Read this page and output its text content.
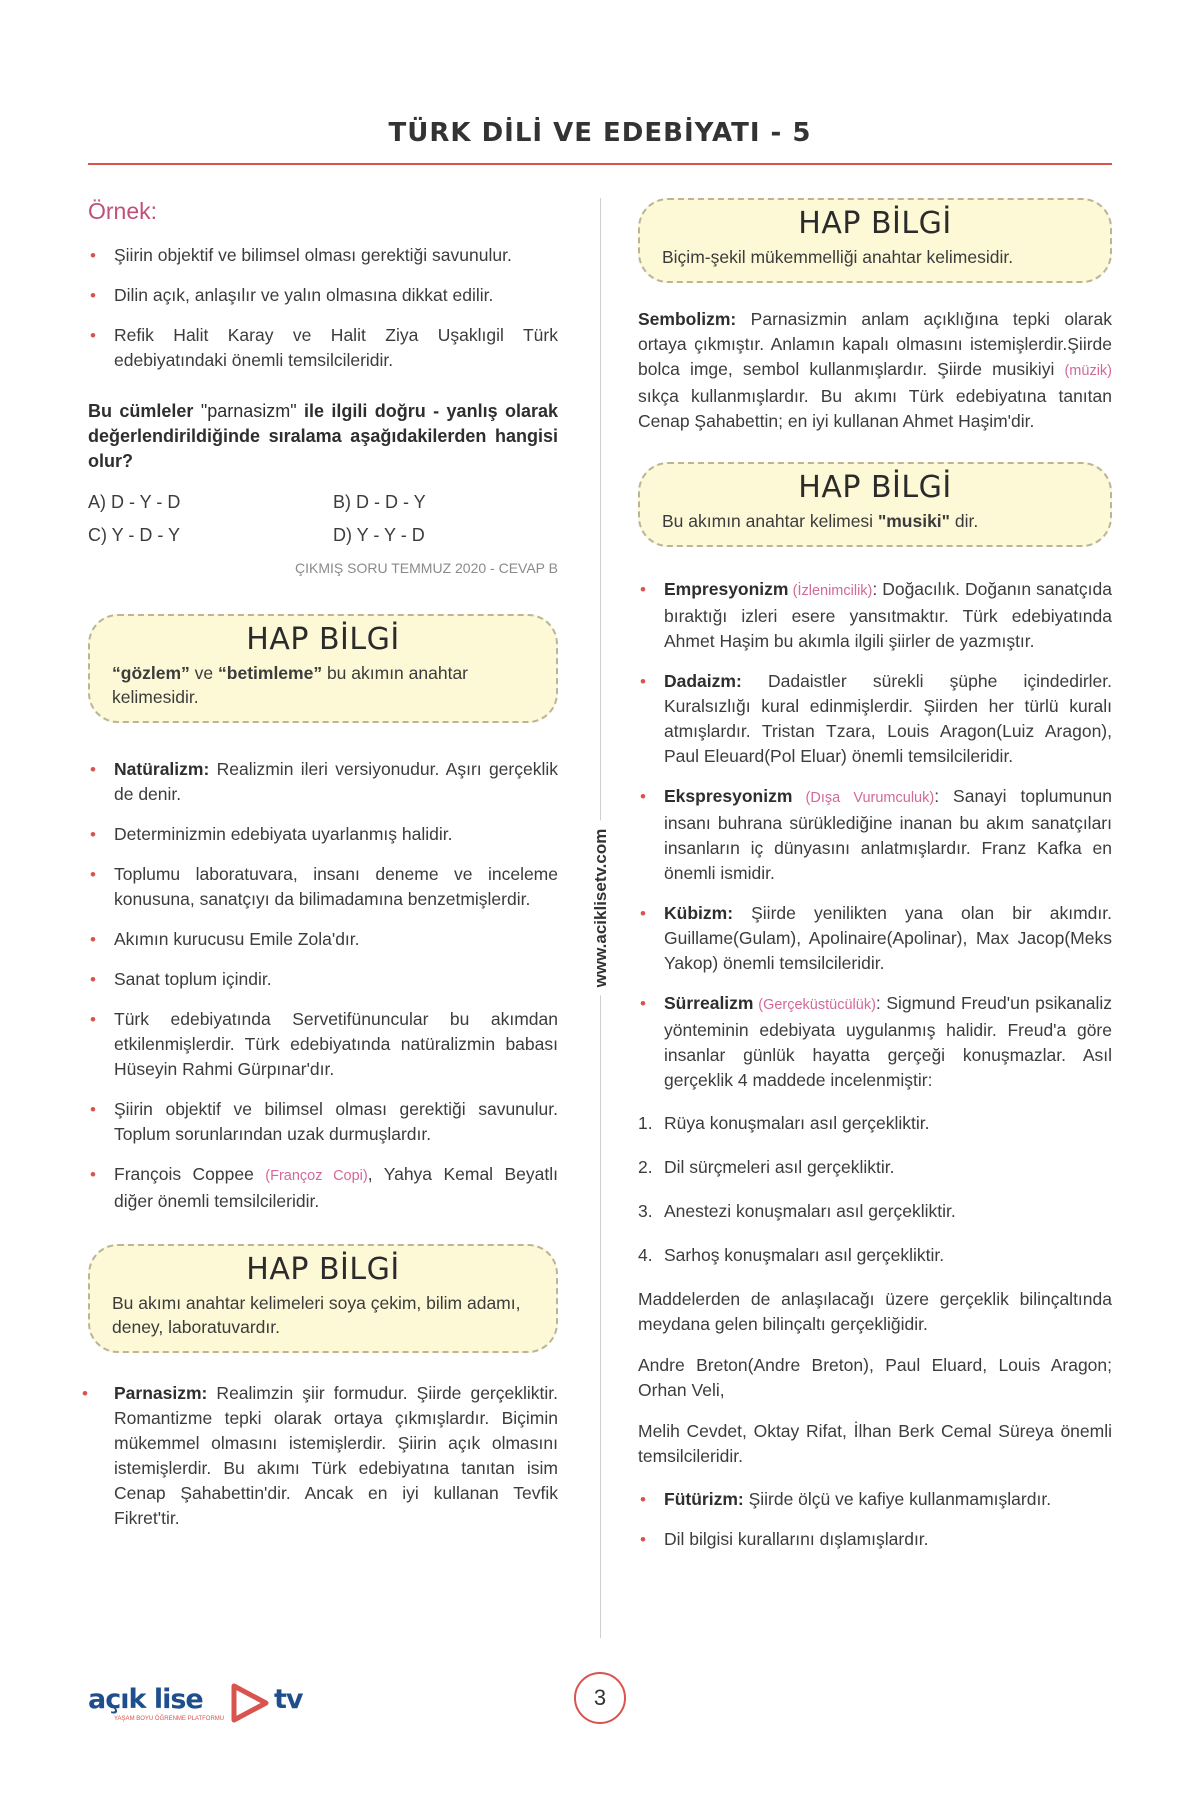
TÜRK DİLİ VE EDEBİYATI - 5
www.aciklisetv.com
Örnek:
• Şiirin objektif ve bilimsel olması gerektiği savunulur.
• Dilin açık, anlaşılır ve yalın olmasına dikkat edilir.
• Refik Halit Karay ve Halit Ziya Uşaklıgil Türk edebiyatındaki önemli temsilcileridir.
Bu cümleler "parnasizm" ile ilgili doğru - yanlış olarak değerlendirildiğinde sıralama aşağıdakilerden hangisi olur?
A) D - Y - D	B) D - D - Y
C) Y - D - Y	D) Y - Y - D
ÇIKMIŞ SORU TEMMUZ 2020 - CEVAP B
HAP BİLGİ
“gözlem” ve “betimleme” bu akımın anahtar kelimesidir.
• Natüralizm: Realizmin ileri versiyonudur. Aşırı gerçeklik de denir.
• Determinizmin edebiyata uyarlanmış halidir.
• Toplumu laboratuvara, insanı deneme ve inceleme konusuna, sanatçıyı da bilimadamına benzetmişlerdir.
• Akımın kurucusu Emile Zola'dır.
• Sanat toplum içindir.
• Türk edebiyatında Servetifünuncular bu akımdan etkilenmişlerdir. Türk edebiyatında natüralizmin babası Hüseyin Rahmi Gürpınar'dır.
• Şiirin objektif ve bilimsel olması gerektiği savunulur. Toplum sorunlarından uzak durmuşlardır.
• François Coppee (Françoz Copi), Yahya Kemal Beyatlı diğer önemli temsilcileridir.
HAP BİLGİ
Bu akımı anahtar kelimeleri soya çekim, bilim adamı, deney, laboratuvardır.
• Parnasizm: Realimzin şiir formudur. Şiirde gerçekliktir. Romantizme tepki olarak ortaya çıkmışlardır. Biçimin mükemmel olmasını istemişlerdir. Şiirin açık olmasını istemişlerdir. Bu akımı Türk edebiyatına tanıtan isim Cenap Şahabettin'dir. Ancak en iyi kullanan Tevfik Fikret'tir.
HAP BİLGİ
Biçim-şekil mükemmelliği anahtar kelimesidir.
Sembolizm: Parnasizmin anlam açıklığına tepki olarak ortaya çıkmıştır. Anlamın kapalı olmasını istemişlerdir.Şiirde bolca imge, sembol kullanmışlardır. Şiirde musikiyi (müzik) sıkça kullanmışlardır. Bu akımı Türk edebiyatına tanıtan Cenap Şahabettin; en iyi kullanan Ahmet Haşim'dir.
HAP BİLGİ
Bu akımın anahtar kelimesi "musiki" dir.
• Empresyonizm (İzlenimcilik): Doğacılık. Doğanın sanatçıda bıraktığı izleri esere yansıtmaktır. Türk edebiyatında Ahmet Haşim bu akımla ilgili şiirler de yazmıştır.
• Dadaizm: Dadaistler sürekli şüphe içindedirler. Kuralsızlığı kural edinmişlerdir. Şiirden her türlü kuralı atmışlardır. Tristan Tzara, Louis Aragon(Luiz Aragon), Paul Eleuard(Pol Eluar) önemli temsilcileridir.
• Ekspresyonizm (Dışa Vurumculuk): Sanayi toplumunun insanı buhrana sürüklediğine inanan bu akım sanatçıları insanların iç dünyasını anlatmışlardır. Franz Kafka en önemli ismidir.
• Kübizm: Şiirde yenilikten yana olan bir akımdır. Guillame(Gulam), Apolinaire(Apolinar), Max Jacop(Meks Yakop) önemli temsilcileridir.
• Sürrealizm (Gerçeküstücülük): Sigmund Freud'un psikanaliz yönteminin edebiyata uygulanmış halidir. Freud'a göre insanlar günlük hayatta gerçeği konuşmazlar. Asıl gerçeklik 4 maddede incelenmiştir:
1. Rüya konuşmaları asıl gerçekliktir.
2. Dil sürçmeleri asıl gerçekliktir.
3. Anestezi konuşmaları asıl gerçekliktir.
4. Sarhoş konuşmaları asıl gerçekliktir.
Maddelerden de anlaşılacağı üzere gerçeklik bilinçaltında meydana gelen bilinçaltı gerçekliğidir.
Andre Breton(Andre Breton), Paul Eluard, Louis Aragon; Orhan Veli,
Melih Cevdet, Oktay Rifat, İlhan Berk Cemal Süreya önemli temsilcileridir.
• Fütürizm: Şiirde ölçü ve kafiye kullanmamışlardır.
• Dil bilgisi kurallarını dışlamışlardır.
açık lise	tv
YAŞAM BOYU ÖĞRENME PLATFORMU
3
